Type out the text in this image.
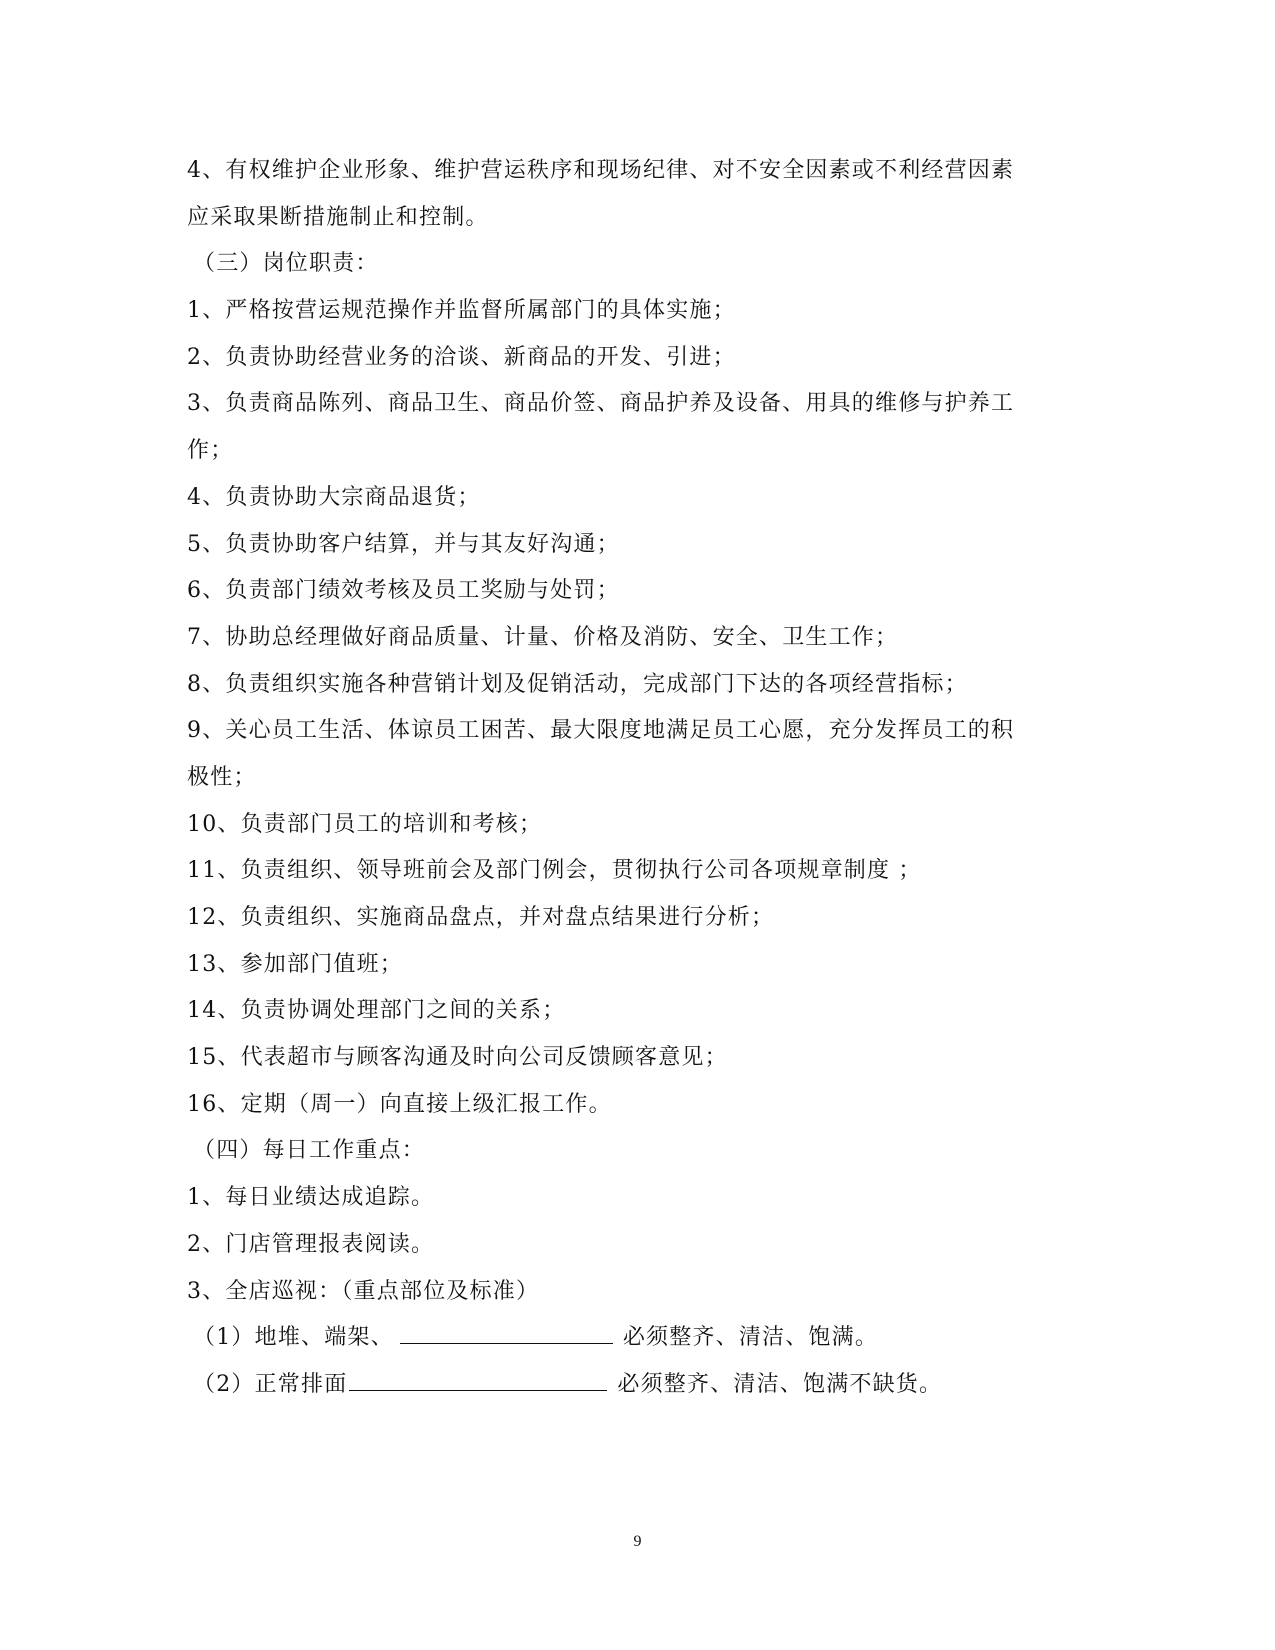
4、有权维护企业形象、维护营运秩序和现场纪律、对不安全因素或不利经营因素
应采取果断措施制止和控制。
（三）岗位职责：
1、严格按营运规范操作并监督所属部门的具体实施；
2、负责协助经营业务的洽谈、新商品的开发、引进；
3、负责商品陈列、商品卫生、商品价签、商品护养及设备、用具的维修与护养工
作；
4、负责协助大宗商品退货；
5、负责协助客户结算，并与其友好沟通；
6、负责部门绩效考核及员工奖励与处罚；
7、协助总经理做好商品质量、计量、价格及消防、安全、卫生工作；
8、负责组织实施各种营销计划及促销活动，完成部门下达的各项经营指标；
9、关心员工生活、体谅员工困苦、最大限度地满足员工心愿，充分发挥员工的积
极性；
10、负责部门员工的培训和考核；
11、负责组织、领导班前会及部门例会，贯彻执行公司各项规章制度 ；
12、负责组织、实施商品盘点，并对盘点结果进行分析；
13、参加部门值班；
14、负责协调处理部门之间的关系；
15、代表超市与顾客沟通及时向公司反馈顾客意见；
16、定期（周一）向直接上级汇报工作。
（四）每日工作重点：
1、每日业绩达成追踪。
2、门店管理报表阅读。
3、全店巡视：（重点部位及标准）
（1）地堆、端架、	必须整齐、清洁、饱满。
（2）正常排面	必须整齐、清洁、饱满不缺货。
9
